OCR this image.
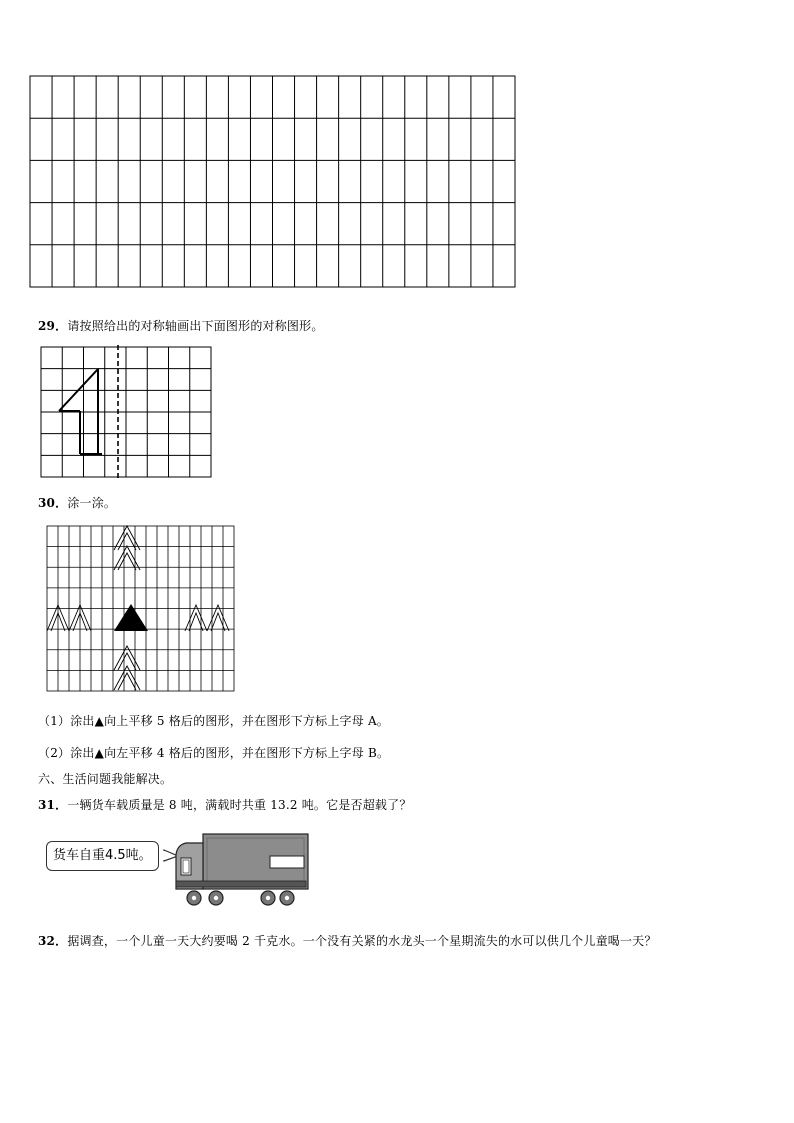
29．请按照给出的对称轴画出下面图形的对称图形。
30．涂一涂。
（1）涂出▲向上平移 5 格后的图形，并在图形下方标上字母 A。
（2）涂出▲向左平移 4 格后的图形，并在图形下方标上字母 B。
六、生活问题我能解决。
31．一辆货车载质量是 8 吨，满载时共重 13.2 吨。它是否超载了？
货车自重4.5吨。
32．据调查，一个儿童一天大约要喝 2 千克水。一个没有关紧的水龙头一个星期流失的水可以供几个儿童喝一天？
